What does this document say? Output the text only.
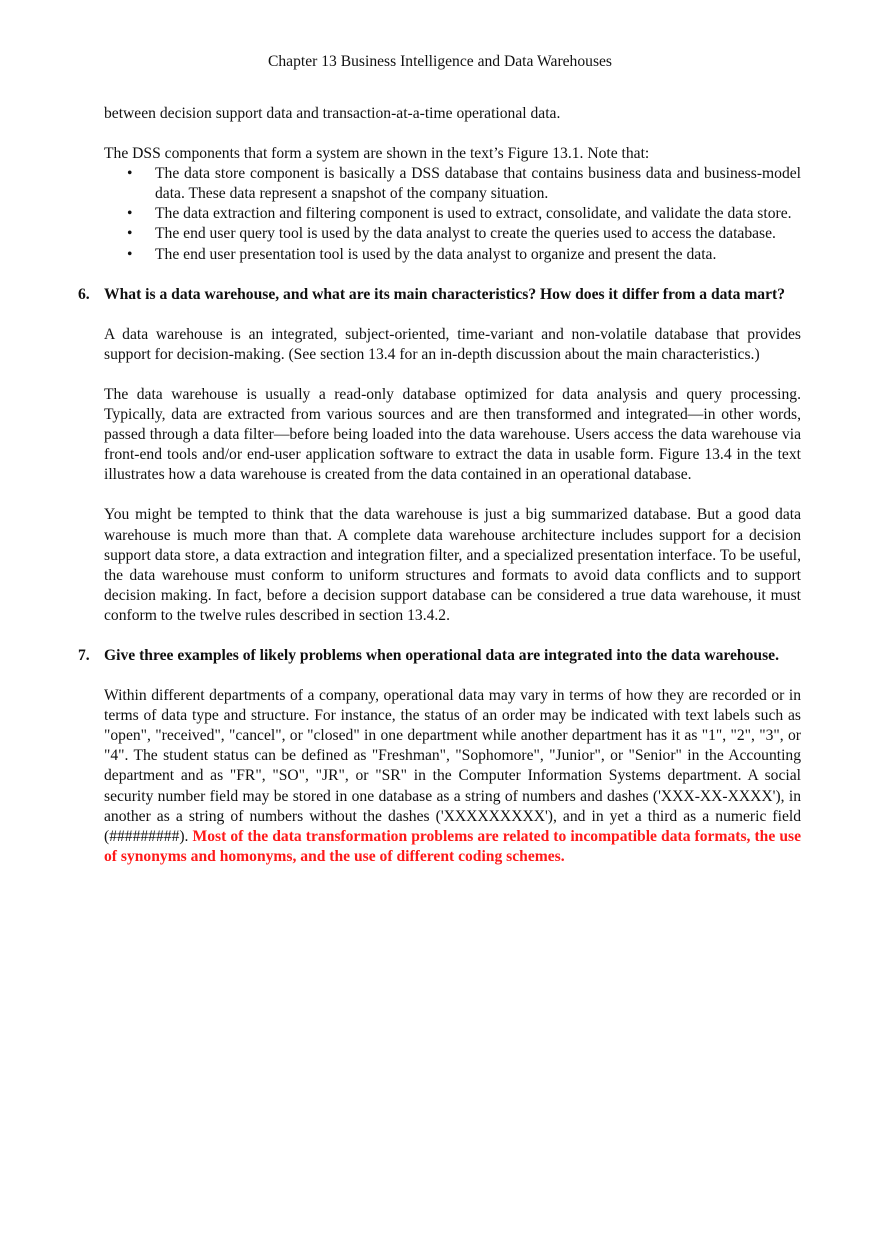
Chapter 13 Business Intelligence and Data Warehouses

between decision support data and transaction-at-a-time operational data.

The DSS components that form a system are shown in the text’s Figure 13.1. Note that:

• The data store component is basically a DSS database that contains business data and business-model data. These data represent a snapshot of the company situation.
• The data extraction and filtering component is used to extract, consolidate, and validate the data store.
• The end user query tool is used by the data analyst to create the queries used to access the database.
• The end user presentation tool is used by the data analyst to organize and present the data.
6. What is a data warehouse, and what are its main characteristics? How does it differ from a data mart?

A data warehouse is an integrated, subject-oriented, time-variant and non-volatile database that provides support for decision-making. (See section 13.4 for an in-depth discussion about the main characteristics.)

The data warehouse is usually a read-only database optimized for data analysis and query processing. Typically, data are extracted from various sources and are then transformed and integrated—in other words, passed through a data filter—before being loaded into the data warehouse. Users access the data warehouse via front-end tools and/or end-user application software to extract the data in usable form. Figure 13.4 in the text illustrates how a data warehouse is created from the data contained in an operational database.

You might be tempted to think that the data warehouse is just a big summarized database. But a good data warehouse is much more than that. A complete data warehouse architecture includes support for a decision support data store, a data extraction and integration filter, and a specialized presentation interface. To be useful, the data warehouse must conform to uniform structures and formats to avoid data conflicts and to support decision making. In fact, before a decision support database can be considered a true data warehouse, it must conform to the twelve rules described in section 13.4.2.

7. Give three examples of likely problems when operational data are integrated into the data warehouse.

Within different departments of a company, operational data may vary in terms of how they are recorded or in terms of data type and structure. For instance, the status of an order may be indicated with text labels such as "open", "received", "cancel", or "closed" in one department while another department has it as "1", "2", "3", or "4". The student status can be defined as "Freshman", "Sophomore", "Junior", or "Senior" in the Accounting department and as "FR", "SO", "JR", or "SR" in the Computer Information Systems department. A social security number field may be stored in one database as a string of numbers and dashes ('XXX-XX-XXXX'), in another as a string of numbers without the dashes ('XXXXXXXXX'), and in yet a third as a numeric field (#########). Most of the data transformation problems are related to incompatible data formats, the use of synonyms and homonyms, and the use of different coding schemes.
